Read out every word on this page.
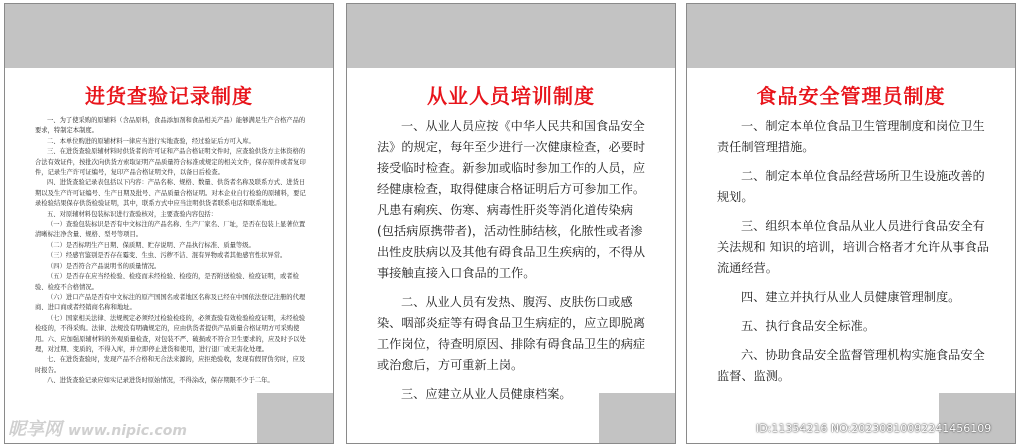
进货查验记录制度

一、为了使采购的原辅料（含品原料，食品添加剂和食品相关产品）能够满足生产合格产品的要求，特制定本制度。

二、本单位购进的原辅材料一律应当进行实地查验，经过验证后方可入库。

三、在进货查验原辅材料时供货者的许可证和产品合格证明文件时，应查验供货方主体资格的合法有效证件，按批次向供货方索取证明产品质量符合标准或规定的相关文件，保存原件或者复印件，记录生产许可证编号，复印产品合格证明文件，以备日后检查。

四、进货查验记录表包括以下内容：产品名称、规格、数量、供货者名称及联系方式、进货日期以及生产许可证编号、生产日期及批号、产品质量合格证明。对本企业自行检验的原辅料，要记录检验结果保存供货检验证明，其中，联系方式中应当注明供货者联系电话和联系地址。

五、对原辅材料包装标识进行查验核对，主要查验内容包括：

（一）查验包装标识是否有中文标注的产品名称、生产厂家名、厂址，是否在包装上显著位置清晰标注净含量、规格、型号等项目。

（二）是否标明生产日期、保质期、贮存说明、产品执行标准、质量等级。

（三）经感官鉴别是否存在霉变、生虫、污秽不洁、混有异物或者其他感官性状异常。

（四）是否符合产品说明书的质量情况。

（五）是否存在应当经检验、检疫而未经检验、检疫的，是否附送检验、检疫证明，或者检验、检疫不合格情况。

（六）进口产品是否有中文标注的原产国国名或者地区名称及已经在中国依法登记注册的代理商、进口商或者经销商名称和地址。

（七）国家相关法律、法规规定必须经过检验检疫的，必须查验有效检验检疫证明，未经检验检疫的，不得采购。法律、法规没有明确规定的，应由供货者提供产品质量合格证明方可采购使用。六、应加强原辅材料的外观质量检查，对包装不严、破损或不符合卫生要求的，应及时予以处理，对过期、变质的，不得入库，并立即停止进货和使用，进行退厂或无害化处理。

七、在进货查验时，发现产品不合格和无合法来源的，应拒绝验收，发现有假冒伪劣时，应及时报告。

八、进货查验记录应如实记录进货时原始情况，不得涂改，保存期限不少于二年。

从业人员培训制度

一、从业人员应按《中华人民共和国食品安全法》的规定，每年至少进行一次健康检查，必要时接受临时检查。新参加或临时参加工作的人员，应经健康检查，取得健康合格证明后方可参加工作。凡患有痢疾、伤寒、病毒性肝炎等消化道传染病(包括病原携带者)，活动性肺结核，化脓性或者渗出性皮肤病以及其他有碍食品卫生疾病的，不得从事接触直接入口食品的工作。

二、从业人员有发热、腹泻、皮肤伤口或感染、咽部炎症等有碍食品卫生病症的，应立即脱离工作岗位，待查明原因、排除有碍食品卫生的病症或治愈后，方可重新上岗。

三、应建立从业人员健康档案。

食品安全管理员制度

一、制定本单位食品卫生管理制度和岗位卫生责任制管理措施。

二、制定本单位食品经营场所卫生设施改善的规划。

三、组织本单位食品从业人员进行食品安全有关法规和 知识的培训，培训合格者才允许从事食品流通经营。

四、建立并执行从业人员健康管理制度。

五、执行食品安全标准。

六、协助食品安全监督管理机构实施食品安全监督、监测。

昵享网 www.nipic.com	ID:11354216 NO:20230810092241456109
